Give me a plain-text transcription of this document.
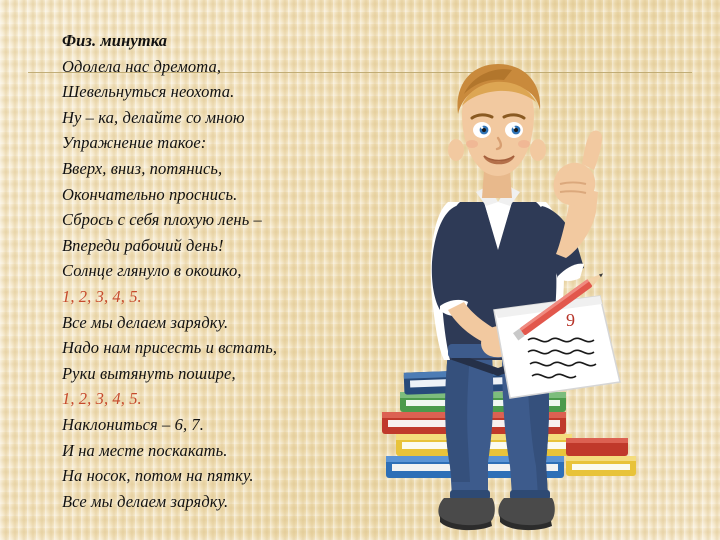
Физ. минутка
Одолела нас дремота,
Шевельнуться неохота.
Ну – ка, делайте со мною
Упражнение такое:
Вверх, вниз, потянись,
Окончательно проснись.
Сбрось с себя плохую лень –
Впереди рабочий день!
Солнце глянуло в окошко,
1, 2, 3, 4, 5.
Все мы делаем зарядку.
Надо нам присесть и встать,
Руки вытянуть пошире,
1, 2, 3, 4, 5.
Наклониться – 6, 7.
И на месте поскакать.
На носок, потом на пятку.
Все мы делаем зарядку.
9
